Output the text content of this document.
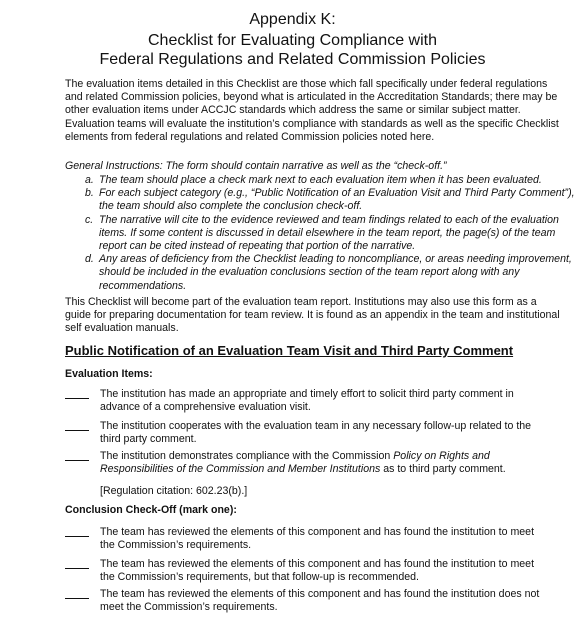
Appendix K:
Checklist for Evaluating Compliance with
Federal Regulations and Related Commission Policies

The evaluation items detailed in this Checklist are those which fall specifically under federal regulations and related Commission policies, beyond what is articulated in the Accreditation Standards; there may be other evaluation items under ACCJC standards which address the same or similar subject matter. Evaluation teams will evaluate the institution’s compliance with standards as well as the specific Checklist elements from federal regulations and related Commission policies noted here.

General Instructions: The form should contain narrative as well as the “check-off.”

a. The team should place a check mark next to each evaluation item when it has been evaluated.
b. For each subject category (e.g., “Public Notification of an Evaluation Visit and Third Party Comment”), the team should also complete the conclusion check-off.
c. The narrative will cite to the evidence reviewed and team findings related to each of the evaluation items. If some content is discussed in detail elsewhere in the team report, the page(s) of the team report can be cited instead of repeating that portion of the narrative.
d. Any areas of deficiency from the Checklist leading to noncompliance, or areas needing improvement, should be included in the evaluation conclusions section of the team report along with any recommendations.

This Checklist will become part of the evaluation team report. Institutions may also use this form as a guide for preparing documentation for team review. It is found as an appendix in the team and institutional self evaluation manuals.

Public Notification of an Evaluation Team Visit and Third Party Comment

Evaluation Items:

The institution has made an appropriate and timely effort to solicit third party comment in advance of a comprehensive evaluation visit.
The institution cooperates with the evaluation team in any necessary follow-up related to the third party comment.
The institution demonstrates compliance with the Commission Policy on Rights and Responsibilities of the Commission and Member Institutions as to third party comment.
[Regulation citation: 602.23(b).]

Conclusion Check-Off (mark one):

The team has reviewed the elements of this component and has found the institution to meet the Commission’s requirements.
The team has reviewed the elements of this component and has found the institution to meet the Commission’s requirements, but that follow-up is recommended.
The team has reviewed the elements of this component and has found the institution does not meet the Commission’s requirements.
